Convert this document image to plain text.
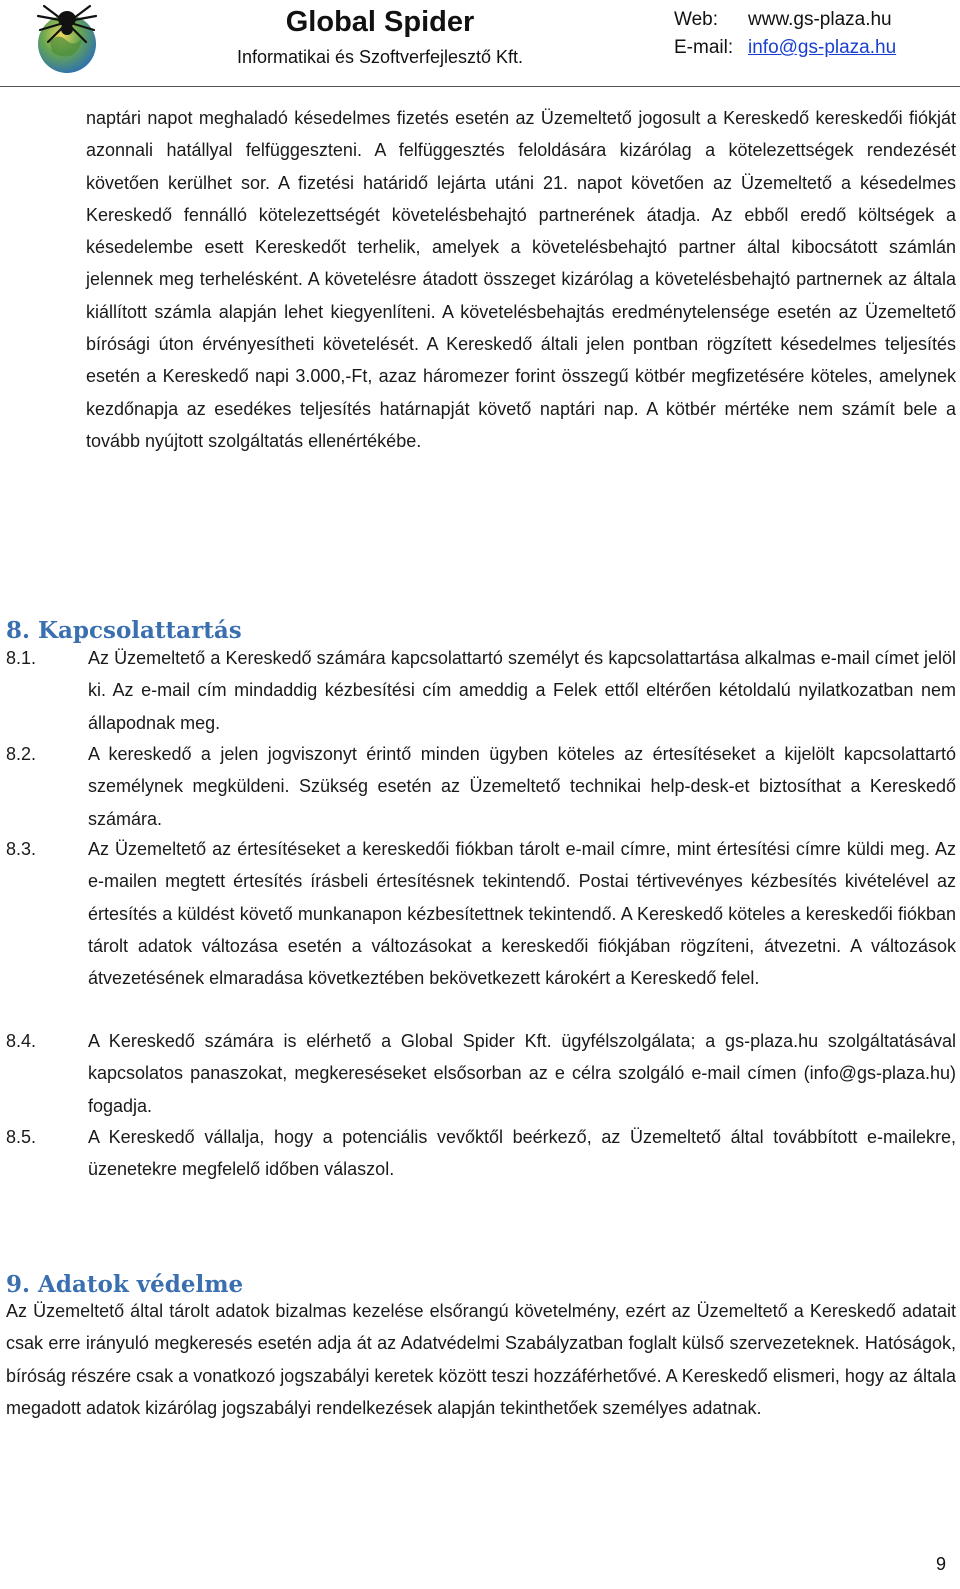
Global Spider
Informatikai és Szoftverfejlesztő Kft.
Web:	www.gs-plaza.hu
E-mail: info@gs-plaza.hu
naptári napot meghaladó késedelmes fizetés esetén az Üzemeltető jogosult a Kereskedő kereskedői fiókját azonnali hatállyal felfüggeszteni. A felfüggesztés feloldására kizárólag a kötelezettségek rendezését követően kerülhet sor. A fizetési határidő lejárta utáni 21. napot követően az Üzemeltető a késedelmes Kereskedő fennálló kötelezettségét követelésbehajtó partnerének átadja. Az ebből eredő költségek a késedelembe esett Kereskedőt terhelik, amelyek a követelésbehajtó partner által kibocsátott számlán jelennek meg terhelésként. A követelésre átadott összeget kizárólag a követelésbehajtó partnernek az általa kiállított számla alapján lehet kiegyenlíteni. A követelésbehajtás eredménytelensége esetén az Üzemeltető bírósági úton érvényesítheti követelését. A Kereskedő általi jelen pontban rögzített késedelmes teljesítés esetén a Kereskedő napi 3.000,-Ft, azaz háromezer forint összegű kötbér megfizetésére köteles, amelynek kezdőnapja az esedékes teljesítés határnapját követő naptári nap. A kötbér mértéke nem számít bele a tovább nyújtott szolgáltatás ellenértékébe.
8. Kapcsolattartás
8.1.	Az Üzemeltető a Kereskedő számára kapcsolattartó személyt és kapcsolattartása alkalmas e-mail címet jelöl ki. Az e-mail cím mindaddig kézbesítési cím ameddig a Felek ettől eltérően kétoldalú nyilatkozatban nem állapodnak meg.
8.2.	A kereskedő a jelen jogviszonyt érintő minden ügyben köteles az értesítéseket a kijelölt kapcsolattartó személynek megküldeni. Szükség esetén az Üzemeltető technikai help-desk-et biztosíthat a Kereskedő számára.
8.3.	Az Üzemeltető az értesítéseket a kereskedői fiókban tárolt e-mail címre, mint értesítési címre küldi meg. Az e-mailen megtett értesítés írásbeli értesítésnek tekintendő. Postai tértivevényes kézbesítés kivételével az értesítés a küldést követő munkanapon kézbesítettnek tekintendő. A Kereskedő köteles a kereskedői fiókban tárolt adatok változása esetén a változásokat a kereskedői fiókjában rögzíteni, átvezetni. A változások átvezetésének elmaradása következtében bekövetkezett károkért a Kereskedő felel.
8.4.	A Kereskedő számára is elérhető a Global Spider Kft. ügyfélszolgálata; a gs-plaza.hu szolgáltatásával kapcsolatos panaszokat, megkereséseket elsősorban az e célra szolgáló e-mail címen (info@gs-plaza.hu) fogadja.
8.5.	A Kereskedő vállalja, hogy a potenciális vevőktől beérkező, az Üzemeltető által továbbított e-mailekre, üzenetekre megfelelő időben válaszol.
9. Adatok védelme
Az Üzemeltető által tárolt adatok bizalmas kezelése elsőrangú követelmény, ezért az Üzemeltető a Kereskedő adatait csak erre irányuló megkeresés esetén adja át az Adatvédelmi Szabályzatban foglalt külső szervezeteknek. Hatóságok, bíróság részére csak a vonatkozó jogszabályi keretek között teszi hozzáférhetővé. A Kereskedő elismeri, hogy az általa megadott adatok kizárólag jogszabályi rendelkezések alapján tekinthetőek személyes adatnak.
9
